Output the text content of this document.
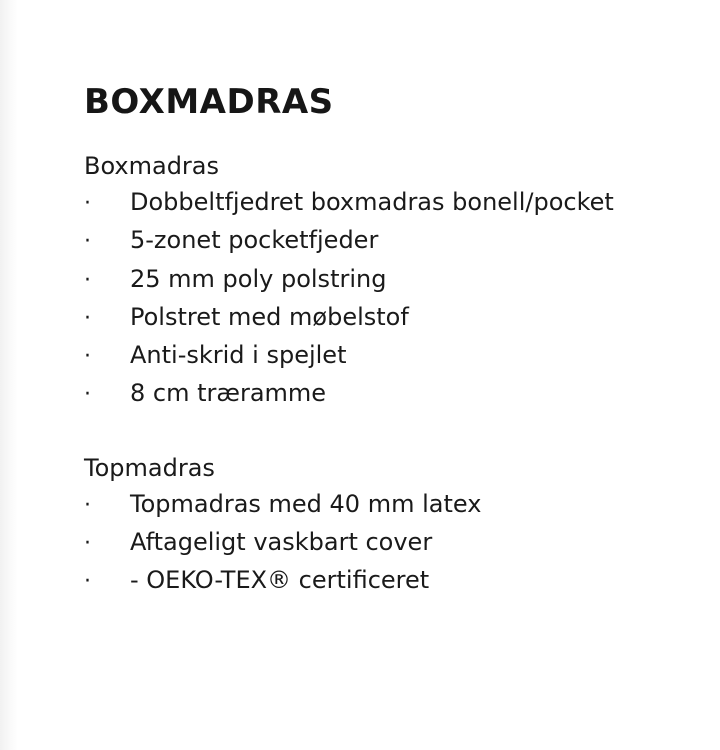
BOXMADRAS

Boxmadras

·	Dobbeltfjedret boxmadras bonell/pocket
·	5-zonet pocketfjeder
·	25 mm poly polstring
·	Polstret med møbelstof
·	Anti-skrid i spejlet
·	8 cm træramme

Topmadras

·	Topmadras med 40 mm latex
·	Aftageligt vaskbart cover
·	- OEKO-TEX® certificeret
